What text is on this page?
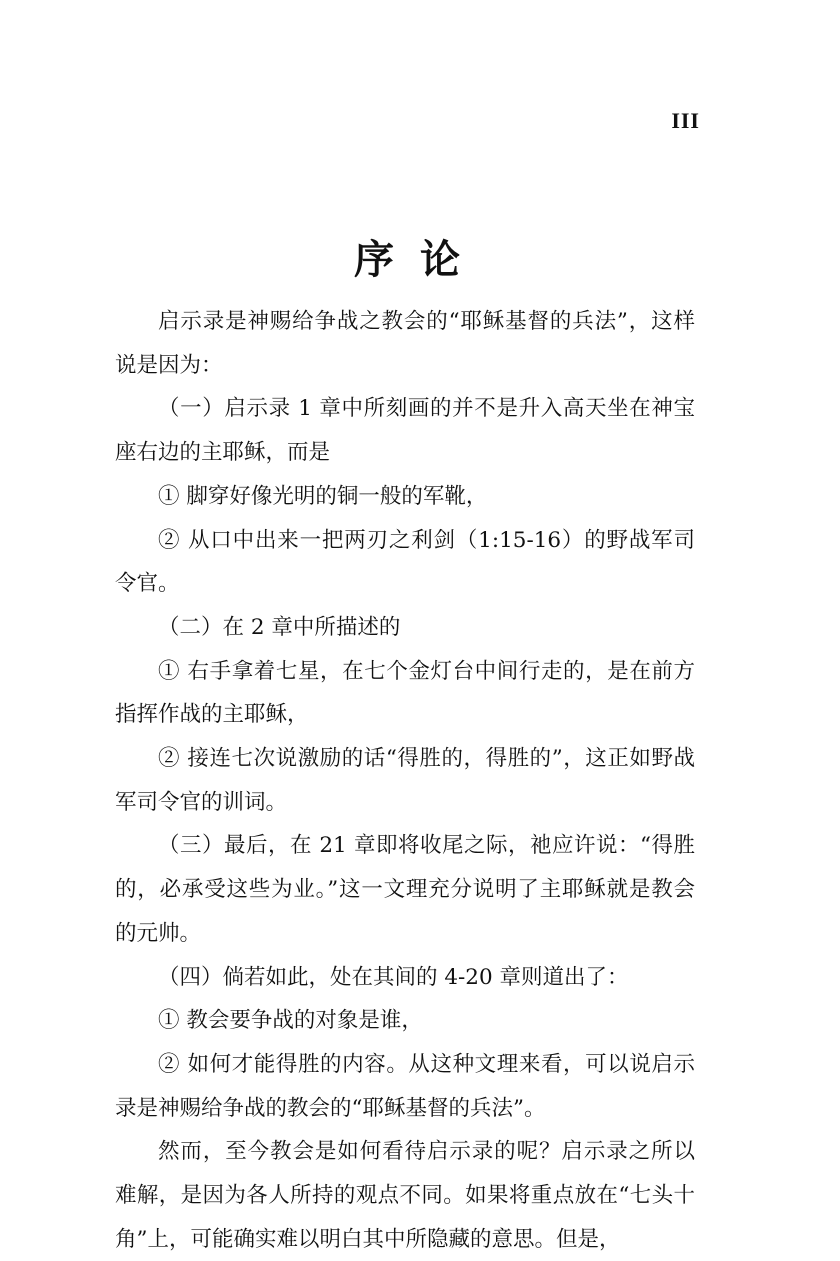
III
序 论

启示录是神赐给争战之教会的“耶稣基督的兵法”，这样说是因为：

（一）启示录 1 章中所刻画的并不是升入高天坐在神宝座右边的主耶稣，而是

① 脚穿好像光明的铜一般的军靴，

② 从口中出来一把两刃之利剑（1:15-16）的野战军司令官。

（二）在 2 章中所描述的

① 右手拿着七星，在七个金灯台中间行走的，是在前方指挥作战的主耶稣，

② 接连七次说激励的话“得胜的，得胜的”，这正如野战军司令官的训词。

（三）最后，在 21 章即将收尾之际，祂应许说：“得胜的，必承受这些为业。”这一文理充分说明了主耶稣就是教会的元帅。

（四）倘若如此，处在其间的 4-20 章则道出了：

① 教会要争战的对象是谁，

② 如何才能得胜的内容。从这种文理来看，可以说启示录是神赐给争战的教会的“耶稣基督的兵法”。

然而，至今教会是如何看待启示录的呢？启示录之所以难解，是因为各人所持的观点不同。如果将重点放在“七头十角”上，可能确实难以明白其中所隐藏的意思。但是，
